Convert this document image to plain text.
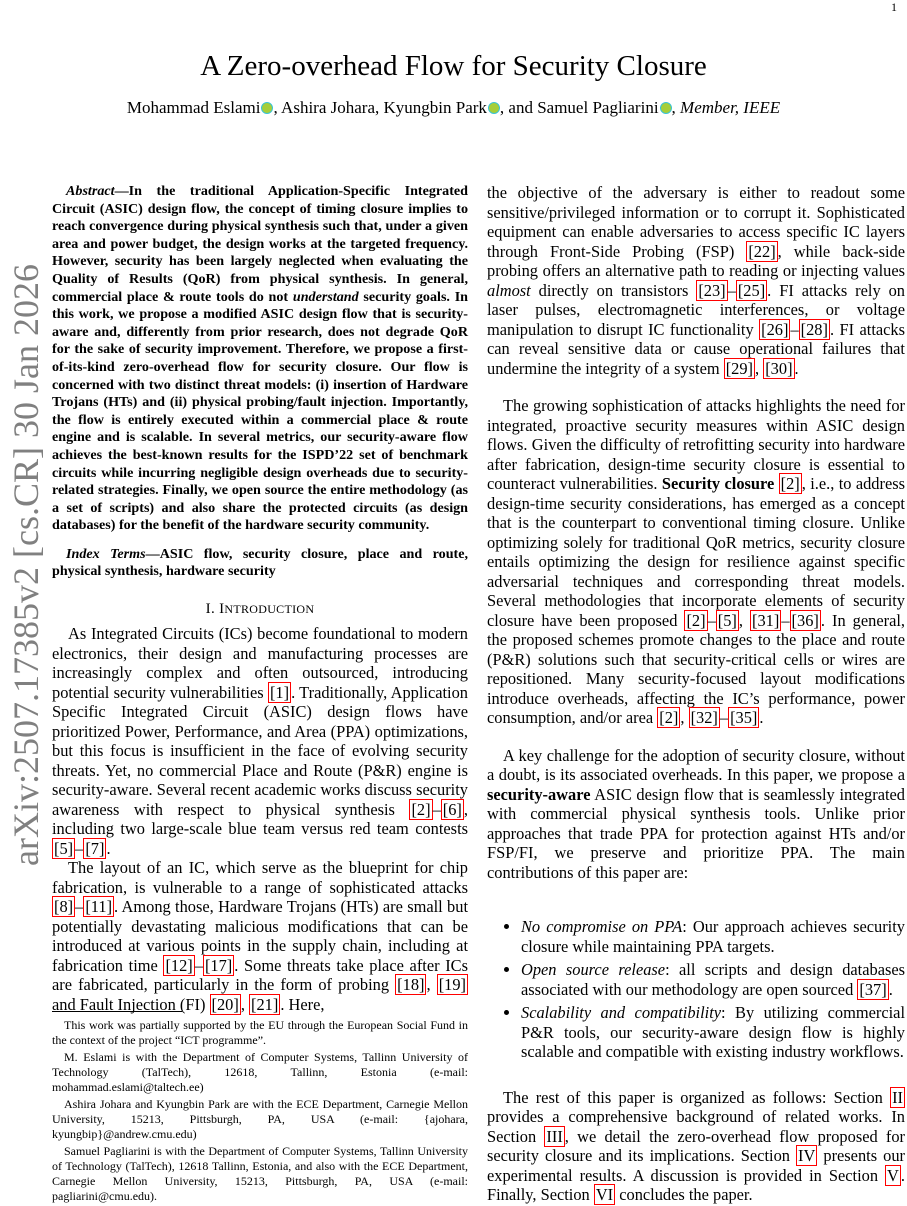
1
A Zero-overhead Flow for Security Closure
Mohammad Eslami , Ashira Johara, Kyungbin Park , and Samuel Pagliarini , Member, IEEE
arXiv:2507.17385v2 [cs.CR] 30 Jan 2026

Abstract—In the traditional Application-Specific Integrated Circuit (ASIC) design flow, the concept of timing closure implies to reach convergence during physical synthesis such that, under a given area and power budget, the design works at the targeted frequency. However, security has been largely neglected when evaluating the Quality of Results (QoR) from physical synthesis. In general, commercial place & route tools do not understand security goals. In this work, we propose a modified ASIC design flow that is security-aware and, differently from prior research, does not degrade QoR for the sake of security improvement. Therefore, we propose a first-of-its-kind zero-overhead flow for security closure. Our flow is concerned with two distinct threat models: (i) insertion of Hardware Trojans (HTs) and (ii) physical probing/fault injection. Importantly, the flow is entirely executed within a commercial place & route engine and is scalable. In several metrics, our security-aware flow achieves the best-known results for the ISPD’22 set of benchmark circuits while incurring negligible design overheads due to security-related strategies. Finally, we open source the entire methodology (as a set of scripts) and also share the protected circuits (as design databases) for the benefit of the hardware security community.

Index Terms—ASIC flow, security closure, place and route, physical synthesis, hardware security

I. INTRODUCTION

As Integrated Circuits (ICs) become foundational to modern electronics, their design and manufacturing processes are increasingly complex and often outsourced, introducing potential security vulnerabilities [1] . Traditionally, Application Specific Integrated Circuit (ASIC) design flows have prioritized Power, Performance, and Area (PPA) optimizations, but this focus is insufficient in the face of evolving security threats. Yet, no commercial Place and Route (P&R) engine is security-aware. Several recent academic works discuss security awareness with respect to physical synthesis [2] – [6] , including two large-scale blue team versus red team contests [5] – [7] .

The layout of an IC, which serve as the blueprint for chip fabrication, is vulnerable to a range of sophisticated attacks [8] – [11] . Among those, Hardware Trojans (HTs) are small but potentially devastating malicious modifications that can be introduced at various points in the supply chain, including at fabrication time [12] – [17] . Some threats take place after ICs are fabricated, particularly in the form of probing [18] , [19] and Fault Injection (FI) [20] , [21] . Here,

This work was partially supported by the EU through the European Social Fund in the context of the project “ICT programme”.

M. Eslami is with the Department of Computer Systems, Tallinn University of Technology (TalTech), 12618, Tallinn, Estonia (e-mail: mohammad.eslami@taltech.ee)

Ashira Johara and Kyungbin Park are with the ECE Department, Carnegie Mellon University, 15213, Pittsburgh, PA, USA (e-mail: {ajohara, kyungbip}@andrew.cmu.edu)

Samuel Pagliarini is with the Department of Computer Systems, Tallinn University of Technology (TalTech), 12618 Tallinn, Estonia, and also with the ECE Department, Carnegie Mellon University, 15213, Pittsburgh, PA, USA (e-mail: pagliarini@cmu.edu).

the objective of the adversary is either to readout some sensitive/privileged information or to corrupt it. Sophisticated equipment can enable adversaries to access specific IC layers through Front-Side Probing (FSP) [22] , while back-side probing offers an alternative path to reading or injecting values almost directly on transistors [23] – [25] . FI attacks rely on laser pulses, electromagnetic interferences, or voltage manipulation to disrupt IC functionality [26] – [28] . FI attacks can reveal sensitive data or cause operational failures that undermine the integrity of a system [29] , [30] .

The growing sophistication of attacks highlights the need for integrated, proactive security measures within ASIC design flows. Given the difficulty of retrofitting security into hardware after fabrication, design-time security closure is essential to counteract vulnerabilities. Security closure [2] , i.e., to address design-time security considerations, has emerged as a concept that is the counterpart to conventional timing closure. Unlike optimizing solely for traditional QoR metrics, security closure entails optimizing the design for resilience against specific adversarial techniques and corresponding threat models. Several methodologies that incorporate elements of security closure have been proposed [2] – [5] , [31] – [36] . In general, the proposed schemes promote changes to the place and route (P&R) solutions such that security-critical cells or wires are repositioned. Many security-focused layout modifications introduce overheads, affecting the IC’s performance, power consumption, and/or area [2] , [32] – [35] .

A key challenge for the adoption of security closure, without a doubt, is its associated overheads. In this paper, we propose a security-aware ASIC design flow that is seamlessly integrated with commercial physical synthesis tools. Unlike prior approaches that trade PPA for protection against HTs and/or FSP/FI, we preserve and prioritize PPA. The main contributions of this paper are:

• No compromise on PPA: Our approach achieves security closure while maintaining PPA targets.
• Open source release: all scripts and design databases associated with our methodology are open sourced [37] .
• Scalability and compatibility: By utilizing commercial P&R tools, our security-aware design flow is highly scalable and compatible with existing industry workflows.

The rest of this paper is organized as follows: Section II provides a comprehensive background of related works. In Section III , we detail the zero-overhead flow proposed for security closure and its implications. Section IV presents our experimental results. A discussion is provided in Section V . Finally, Section VI concludes the paper.
